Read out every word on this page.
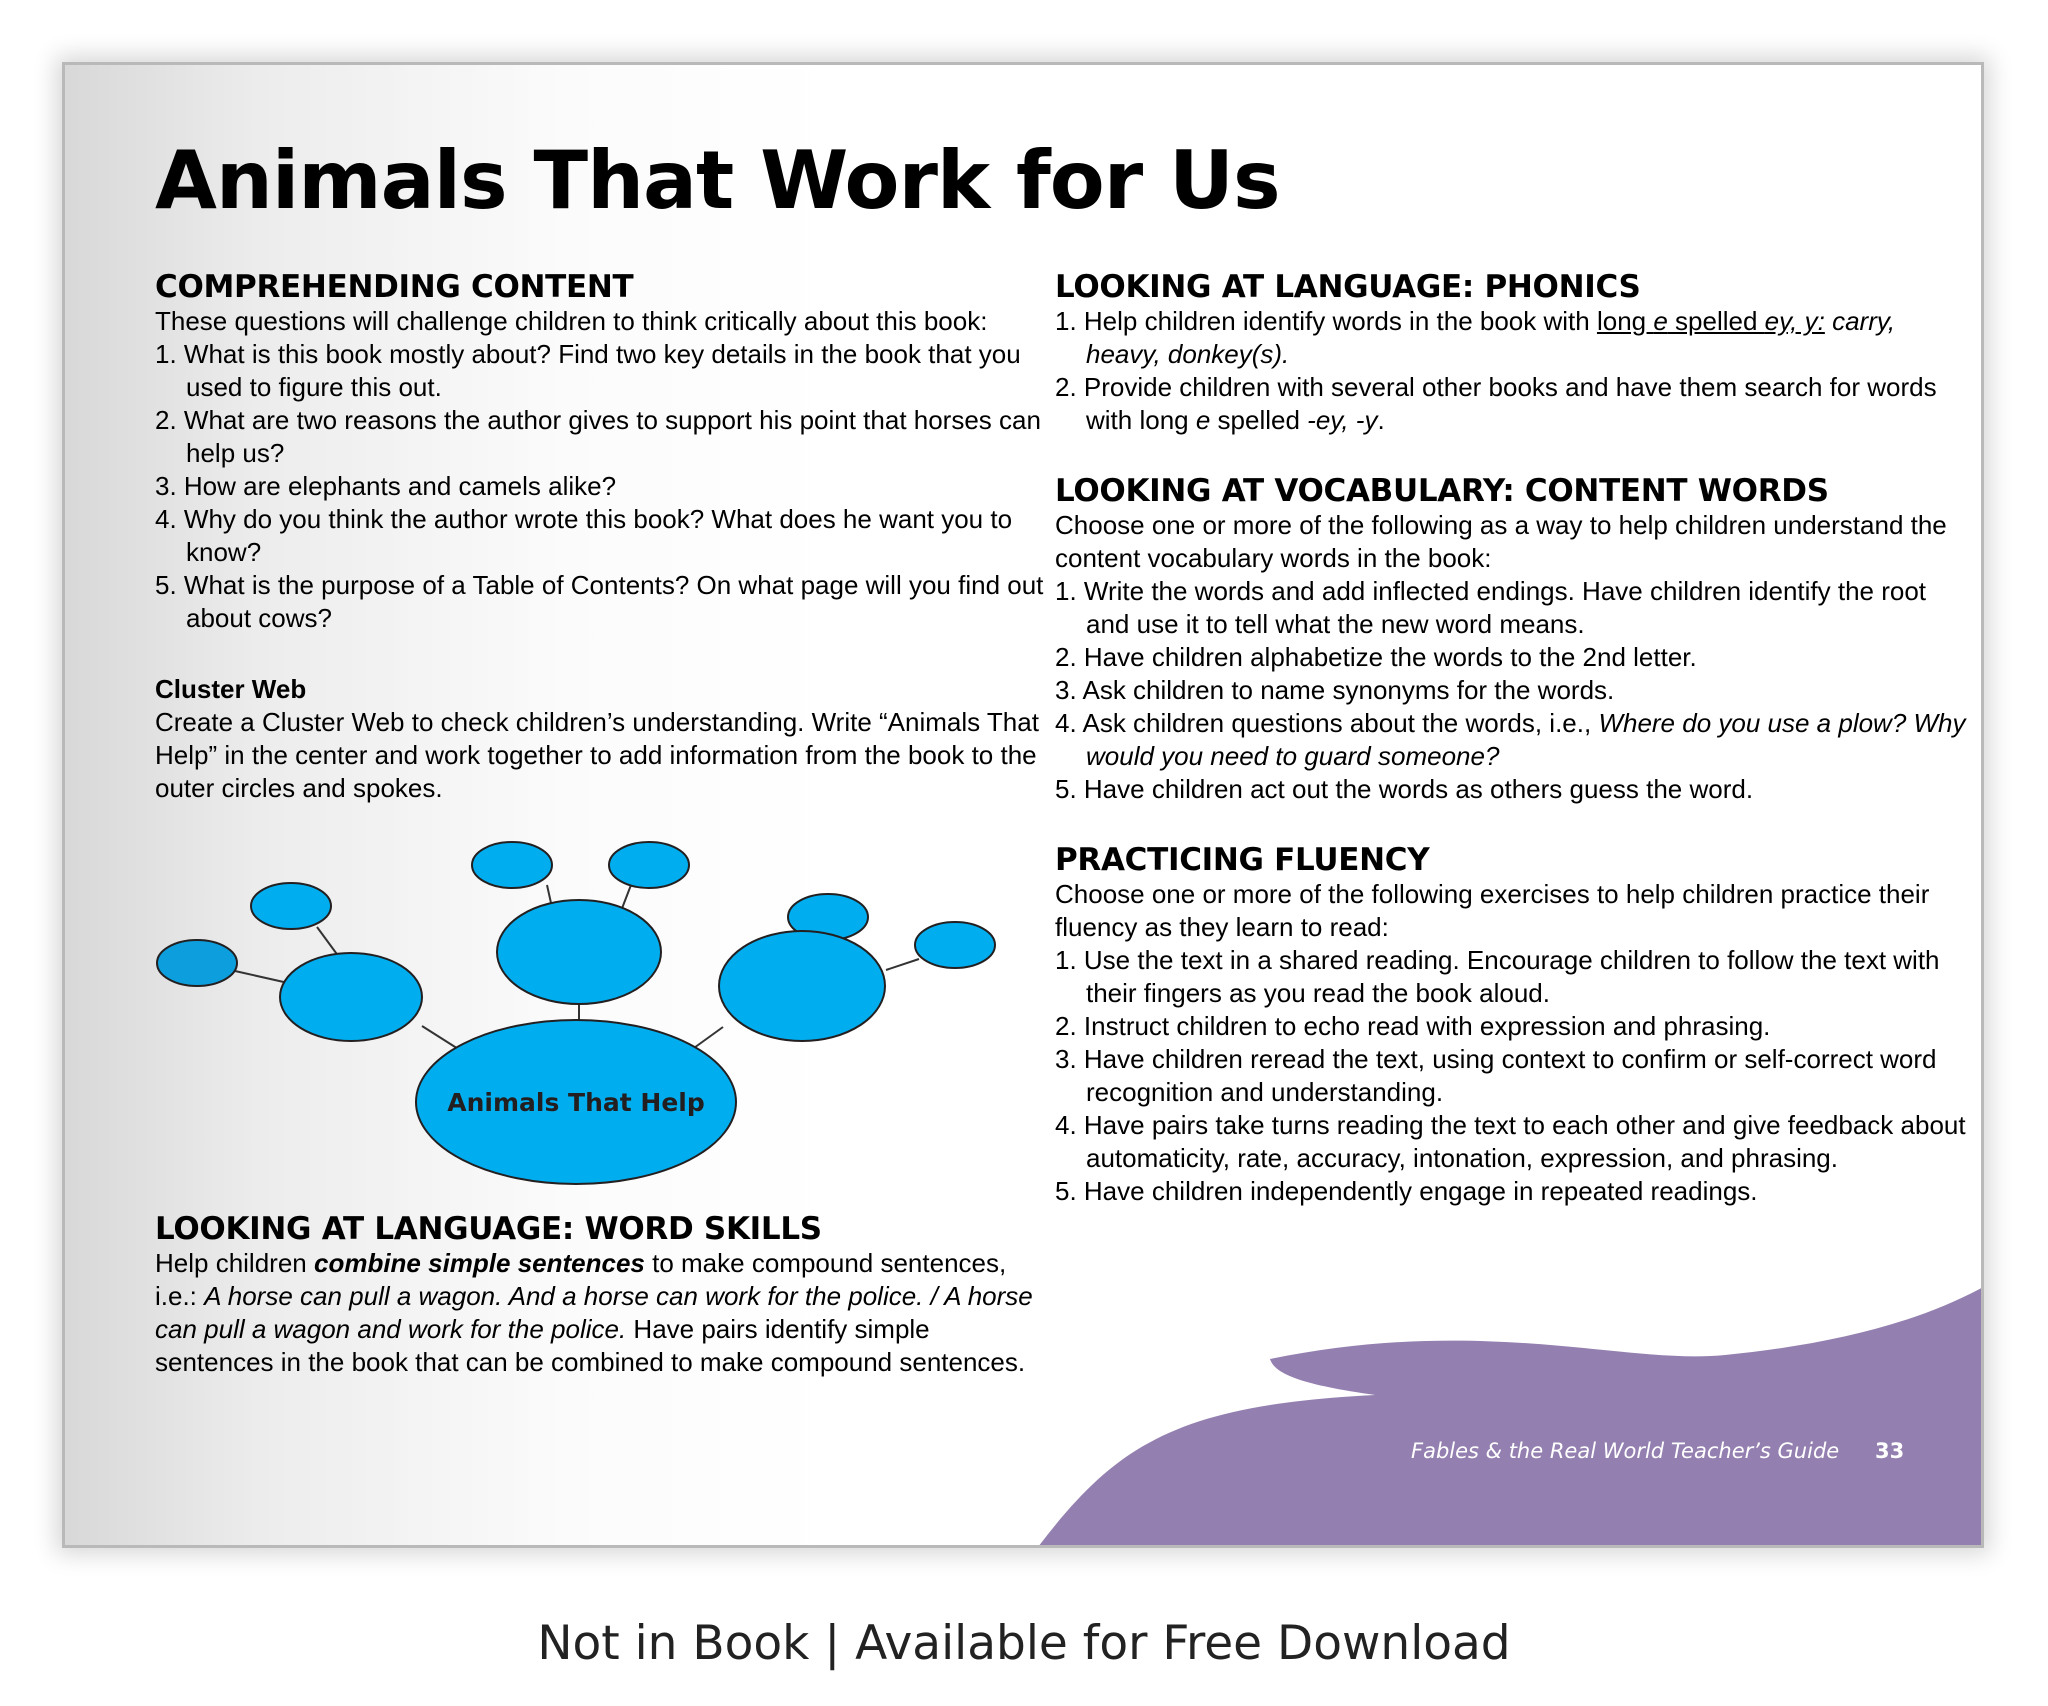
Animals That Work for Us
COMPREHENDING CONTENT

These questions will challenge children to think critically about this book:

1. What is this book mostly about? Find two key details in the book that you used to figure this out.
2. What are two reasons the author gives to support his point that horses can help us?
3. How are elephants and camels alike?
4. Why do you think the author wrote this book? What does he want you to know?
5. What is the purpose of a Table of Contents? On what page will you find out about cows?
Cluster Web

Create a Cluster Web to check children’s understanding. Write “Animals That Help” in the center and work together to add information from the book to the outer circles and spokes.

Animals That Help
LOOKING AT LANGUAGE: WORD SKILLS

Help children combine simple sentences to make compound sentences, i.e.: A horse can pull a wagon. And a horse can work for the police. / A horse can pull a wagon and work for the police. Have pairs identify simple sentences in the book that can be combined to make compound sentences.

LOOKING AT LANGUAGE: PHONICS
1. Help children identify words in the book with long e spelled ey, y: carry, heavy, donkey(s).
2. Provide children with several other books and have them search for words with long e spelled -ey, -y.
LOOKING AT VOCABULARY: CONTENT WORDS

Choose one or more of the following as a way to help children understand the content vocabulary words in the book:

1. Write the words and add inflected endings. Have children identify the root and use it to tell what the new word means.
2. Have children alphabetize the words to the 2nd letter.
3. Ask children to name synonyms for the words.
4. Ask children questions about the words, i.e., Where do you use a plow? Why would you need to guard someone?
5. Have children act out the words as others guess the word.
PRACTICING FLUENCY

Choose one or more of the following exercises to help children practice their fluency as they learn to read:

1. Use the text in a shared reading. Encourage children to follow the text with their fingers as you read the book aloud.
2. Instruct children to echo read with expression and phrasing.
3. Have children reread the text, using context to confirm or self-correct word recognition and understanding.
4. Have pairs take turns reading the text to each other and give feedback about automaticity, rate, accuracy, intonation, expression, and phrasing.
5. Have children independently engage in repeated readings.
Fables & the Real World Teacher’s Guide 33
Not in Book | Available for Free Download
